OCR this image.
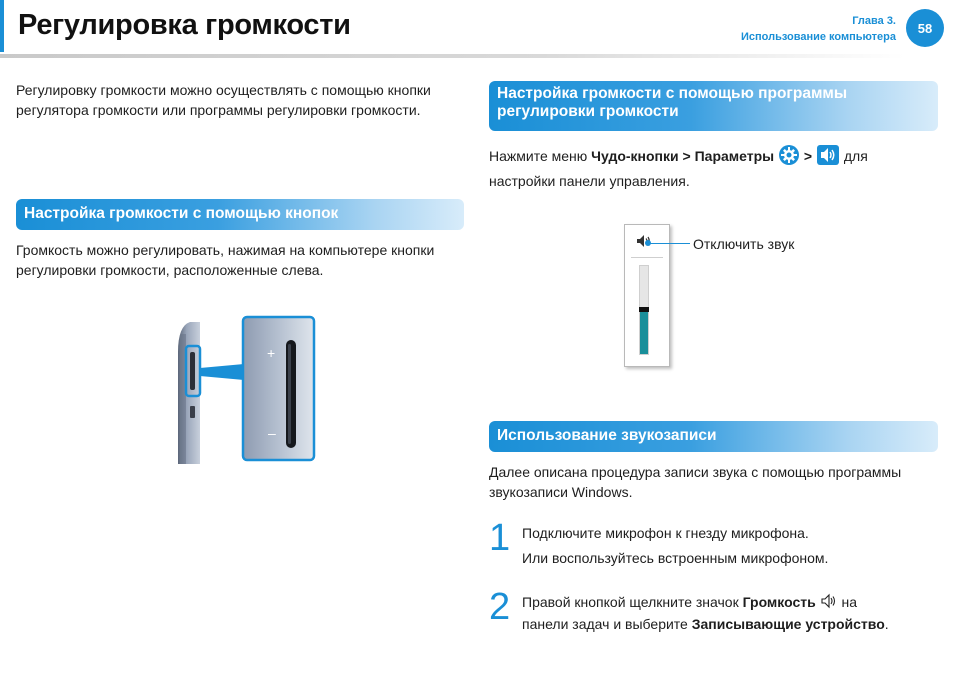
Регулировка громкости	Глава 3.
Использование компьютера
58

Регулировку громкости можно осуществлять с помощью кнопки регулятора громкости или программы регулировки громкости.

Настройка громкости с помощью кнопок

Громкость можно регулировать, нажимая на компьютере кнопки регулировки громкости, расположенные слева.

+
–
Настройка громкости с помощью программы
регулировки громкости
Нажмите меню Чудо-кнопки > Параметры  >  для
настройки панели управления.
Отключить звук
Использование звукозаписи

Далее описана процедура записи звука с помощью программы звукозаписи Windows.

1 Подключите микрофон к гнезду микрофона.
Или воспользуйтесь встроенным микрофоном.
2 Правой кнопкой щелкните значок Громкость  на
панели задач и выберите Записывающие устройство.
